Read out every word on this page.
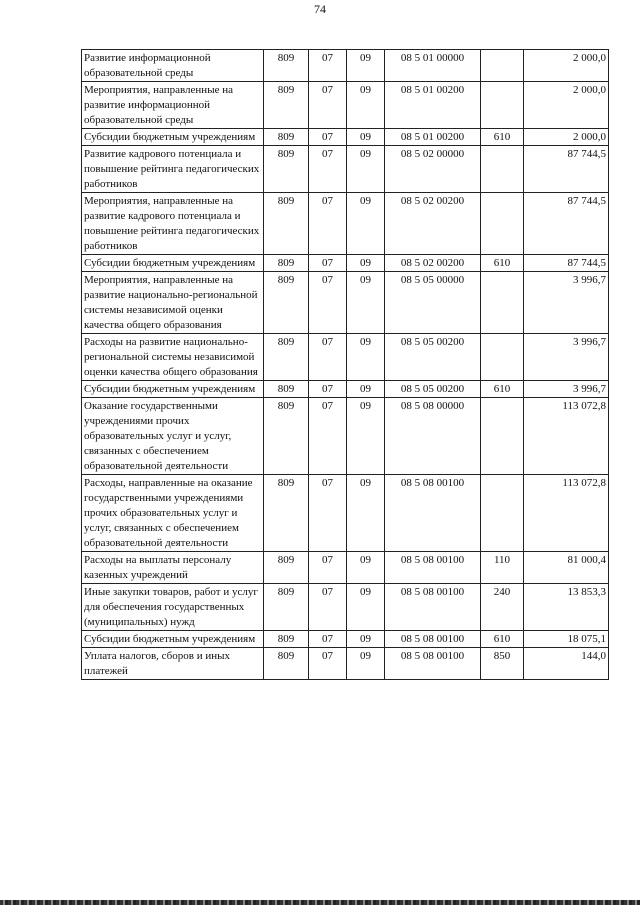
74
Развитие информационной образовательной среды	809	07	09	08 5 01 00000		2 000,0
Мероприятия, направленные на развитие информационной образовательной среды	809	07	09	08 5 01 00200		2 000,0
Субсидии бюджетным учреждениям	809	07	09	08 5 01 00200	610	2 000,0
Развитие кадрового потенциала и повышение рейтинга педагогических работников	809	07	09	08 5 02 00000		87 744,5
Мероприятия, направленные на развитие кадрового потенциала и повышение рейтинга педагогических работников	809	07	09	08 5 02 00200		87 744,5
Субсидии бюджетным учреждениям	809	07	09	08 5 02 00200	610	87 744,5
Мероприятия, направленные на развитие национально-региональной системы независимой оценки качества общего образования	809	07	09	08 5 05 00000		3 996,7
Расходы на развитие национально-региональной системы независимой оценки качества общего образования	809	07	09	08 5 05 00200		3 996,7
Субсидии бюджетным учреждениям	809	07	09	08 5 05 00200	610	3 996,7
Оказание государственными учреждениями прочих образовательных услуг и услуг, связанных с обеспечением образовательной деятельности	809	07	09	08 5 08 00000		113 072,8
Расходы, направленные на оказание государственными учреждениями прочих образовательных услуг и услуг, связанных с обеспечением образовательной деятельности	809	07	09	08 5 08 00100		113 072,8
Расходы на выплаты персоналу казенных учреждений	809	07	09	08 5 08 00100	110	81 000,4
Иные закупки товаров, работ и услуг для обеспечения государственных (муниципальных) нужд	809	07	09	08 5 08 00100	240	13 853,3
Субсидии бюджетным учреждениям	809	07	09	08 5 08 00100	610	18 075,1
Уплата налогов, сборов и иных платежей	809	07	09	08 5 08 00100	850	144,0
